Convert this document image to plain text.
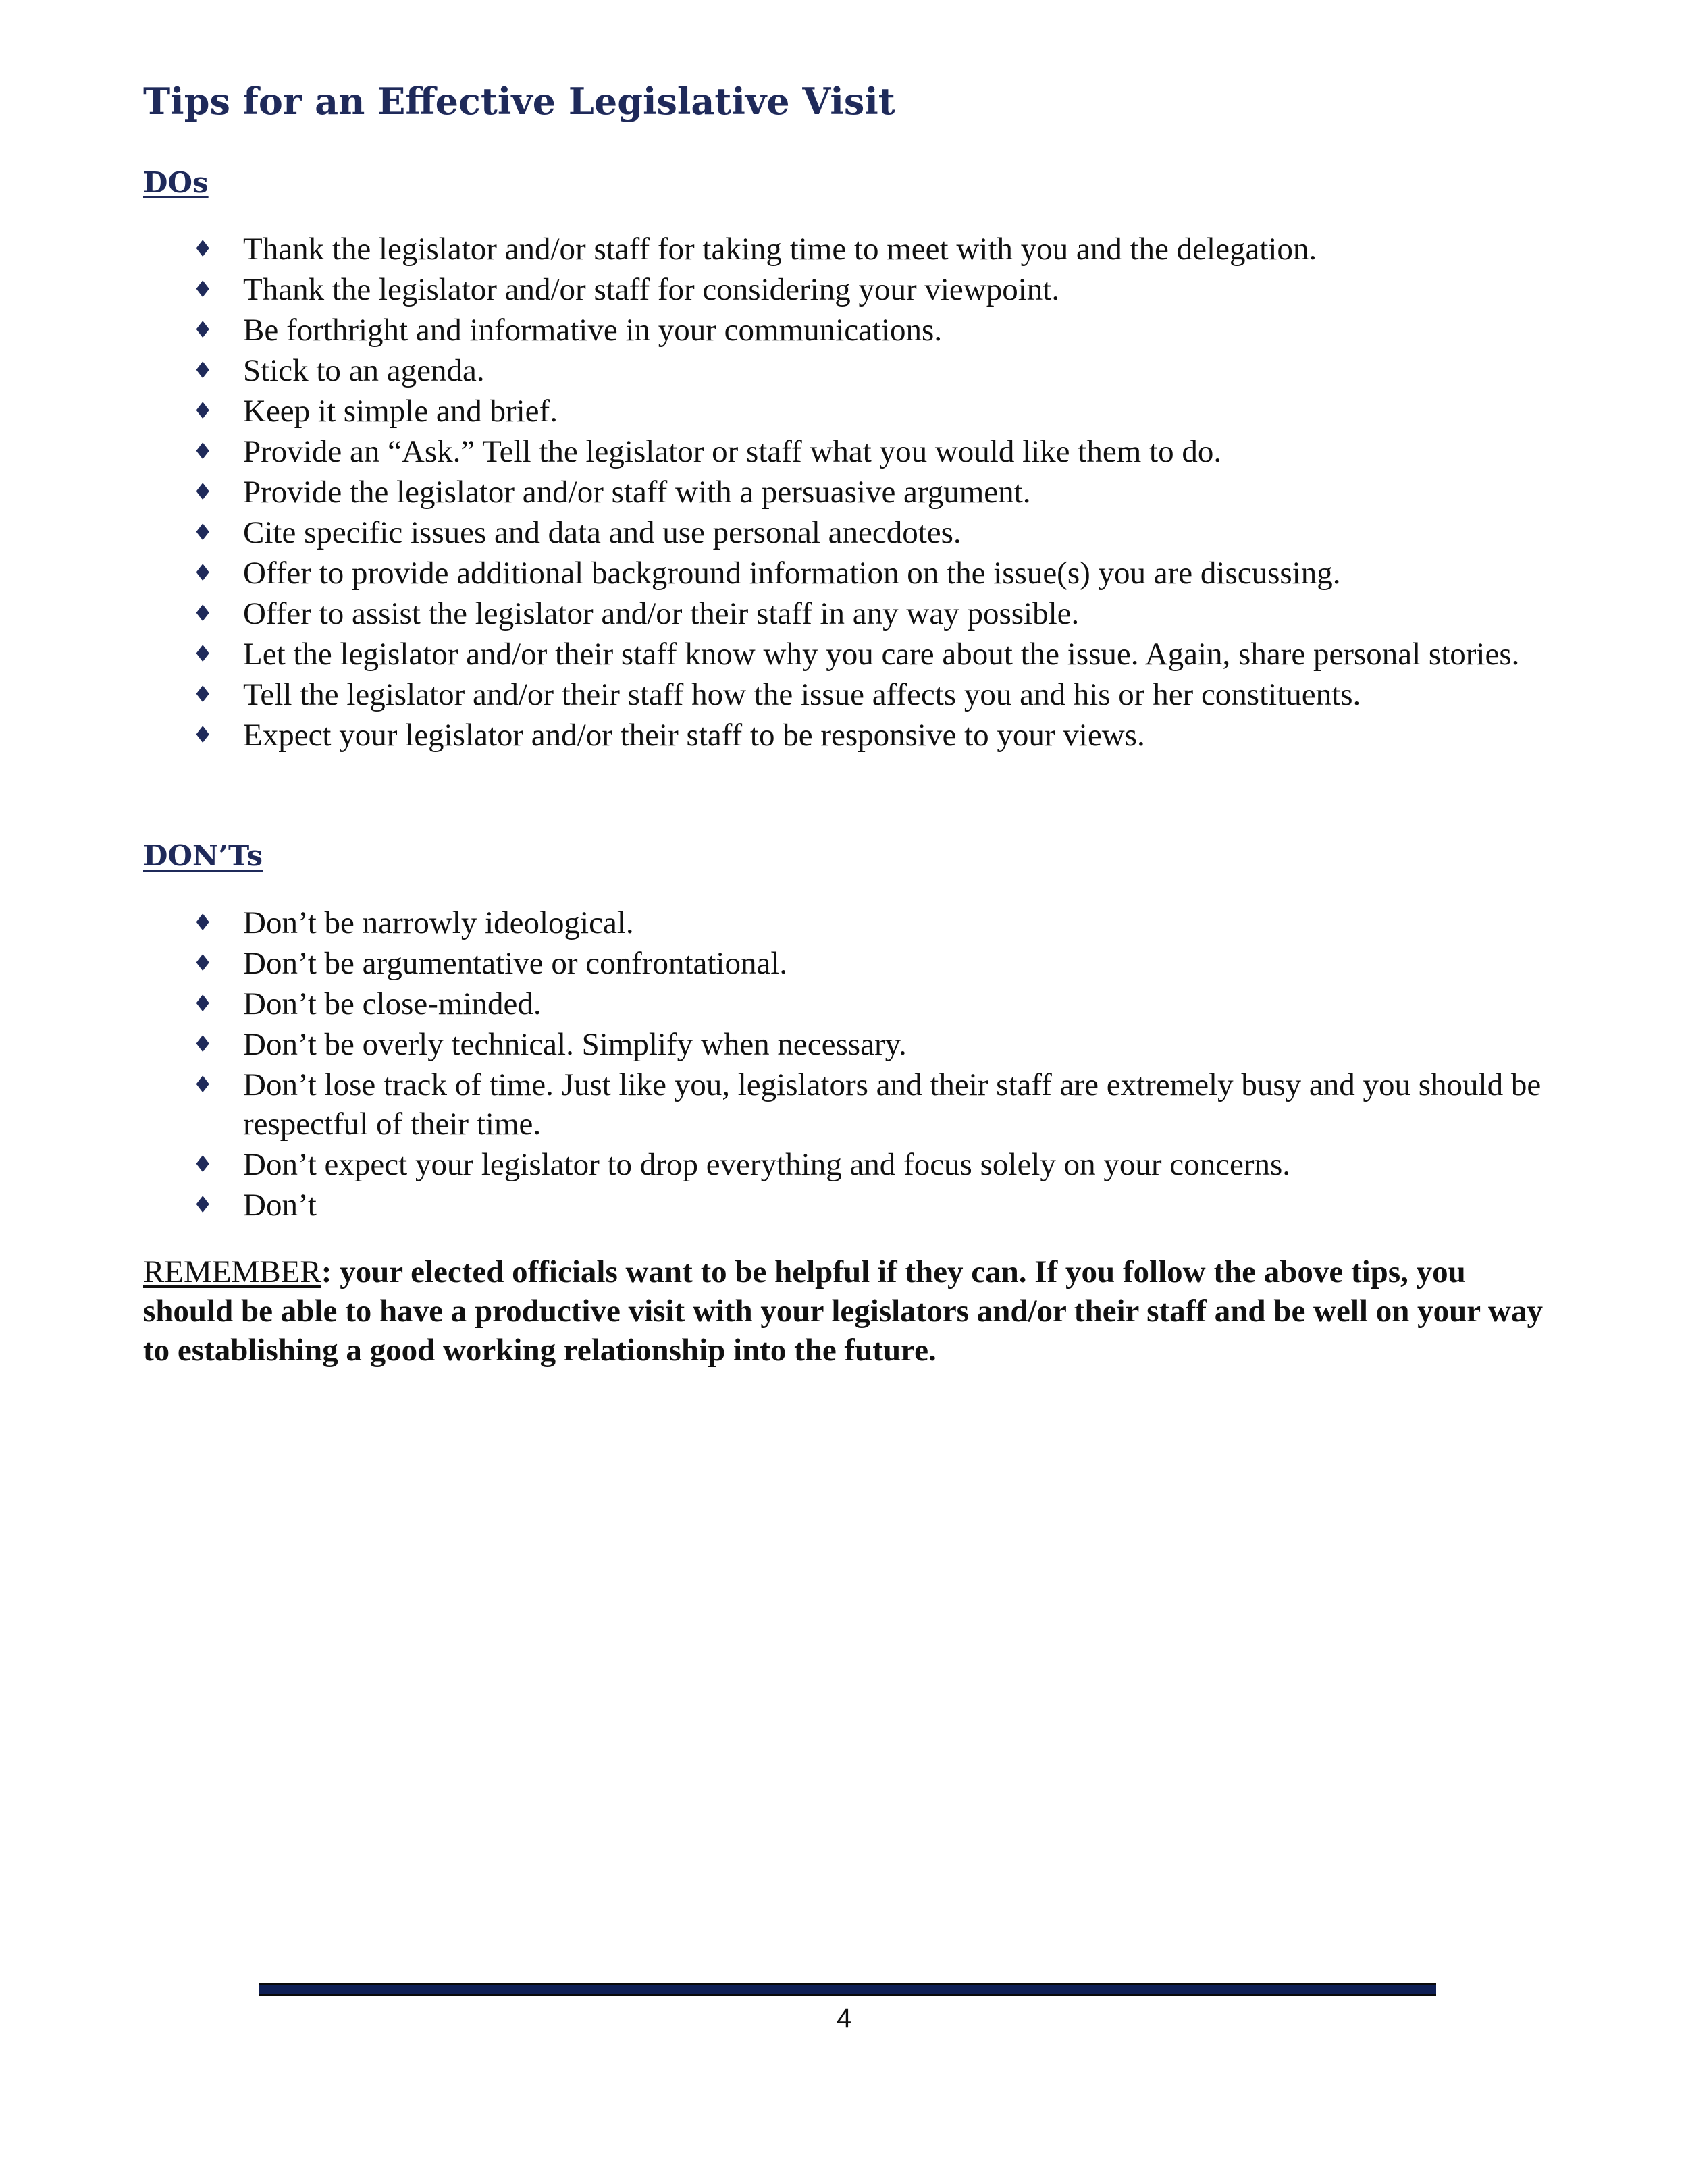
Tips for an Effective Legislative Visit
DOs
♦ Thank the legislator and/or staff for taking time to meet with you and the delegation.
♦ Thank the legislator and/or staff for considering your viewpoint.
♦ Be forthright and informative in your communications.
♦ Stick to an agenda.
♦ Keep it simple and brief.
♦ Provide an “Ask.” Tell the legislator or staff what you would like them to do.
♦ Provide the legislator and/or staff with a persuasive argument.
♦ Cite specific issues and data and use personal anecdotes.
♦ Offer to provide additional background information on the issue(s) you are discussing.
♦ Offer to assist the legislator and/or their staff in any way possible.
♦ Let the legislator and/or their staff know why you care about the issue. Again, share personal stories.
♦ Tell the legislator and/or their staff how the issue affects you and his or her constituents.
♦ Expect your legislator and/or their staff to be responsive to your views.
DON’Ts
♦ Don’t be narrowly ideological.
♦ Don’t be argumentative or confrontational.
♦ Don’t be close-minded.
♦ Don’t be overly technical. Simplify when necessary.
♦ Don’t lose track of time. Just like you, legislators and their staff are extremely busy and you should be respectful of their time.
♦ Don’t expect your legislator to drop everything and focus solely on your concerns.
♦ Don’t
REMEMBER: your elected officials want to be helpful if they can. If you follow the above tips, you should be able to have a productive visit with your legislators and/or their staff and be well on your way to establishing a good working relationship into the future.
4
